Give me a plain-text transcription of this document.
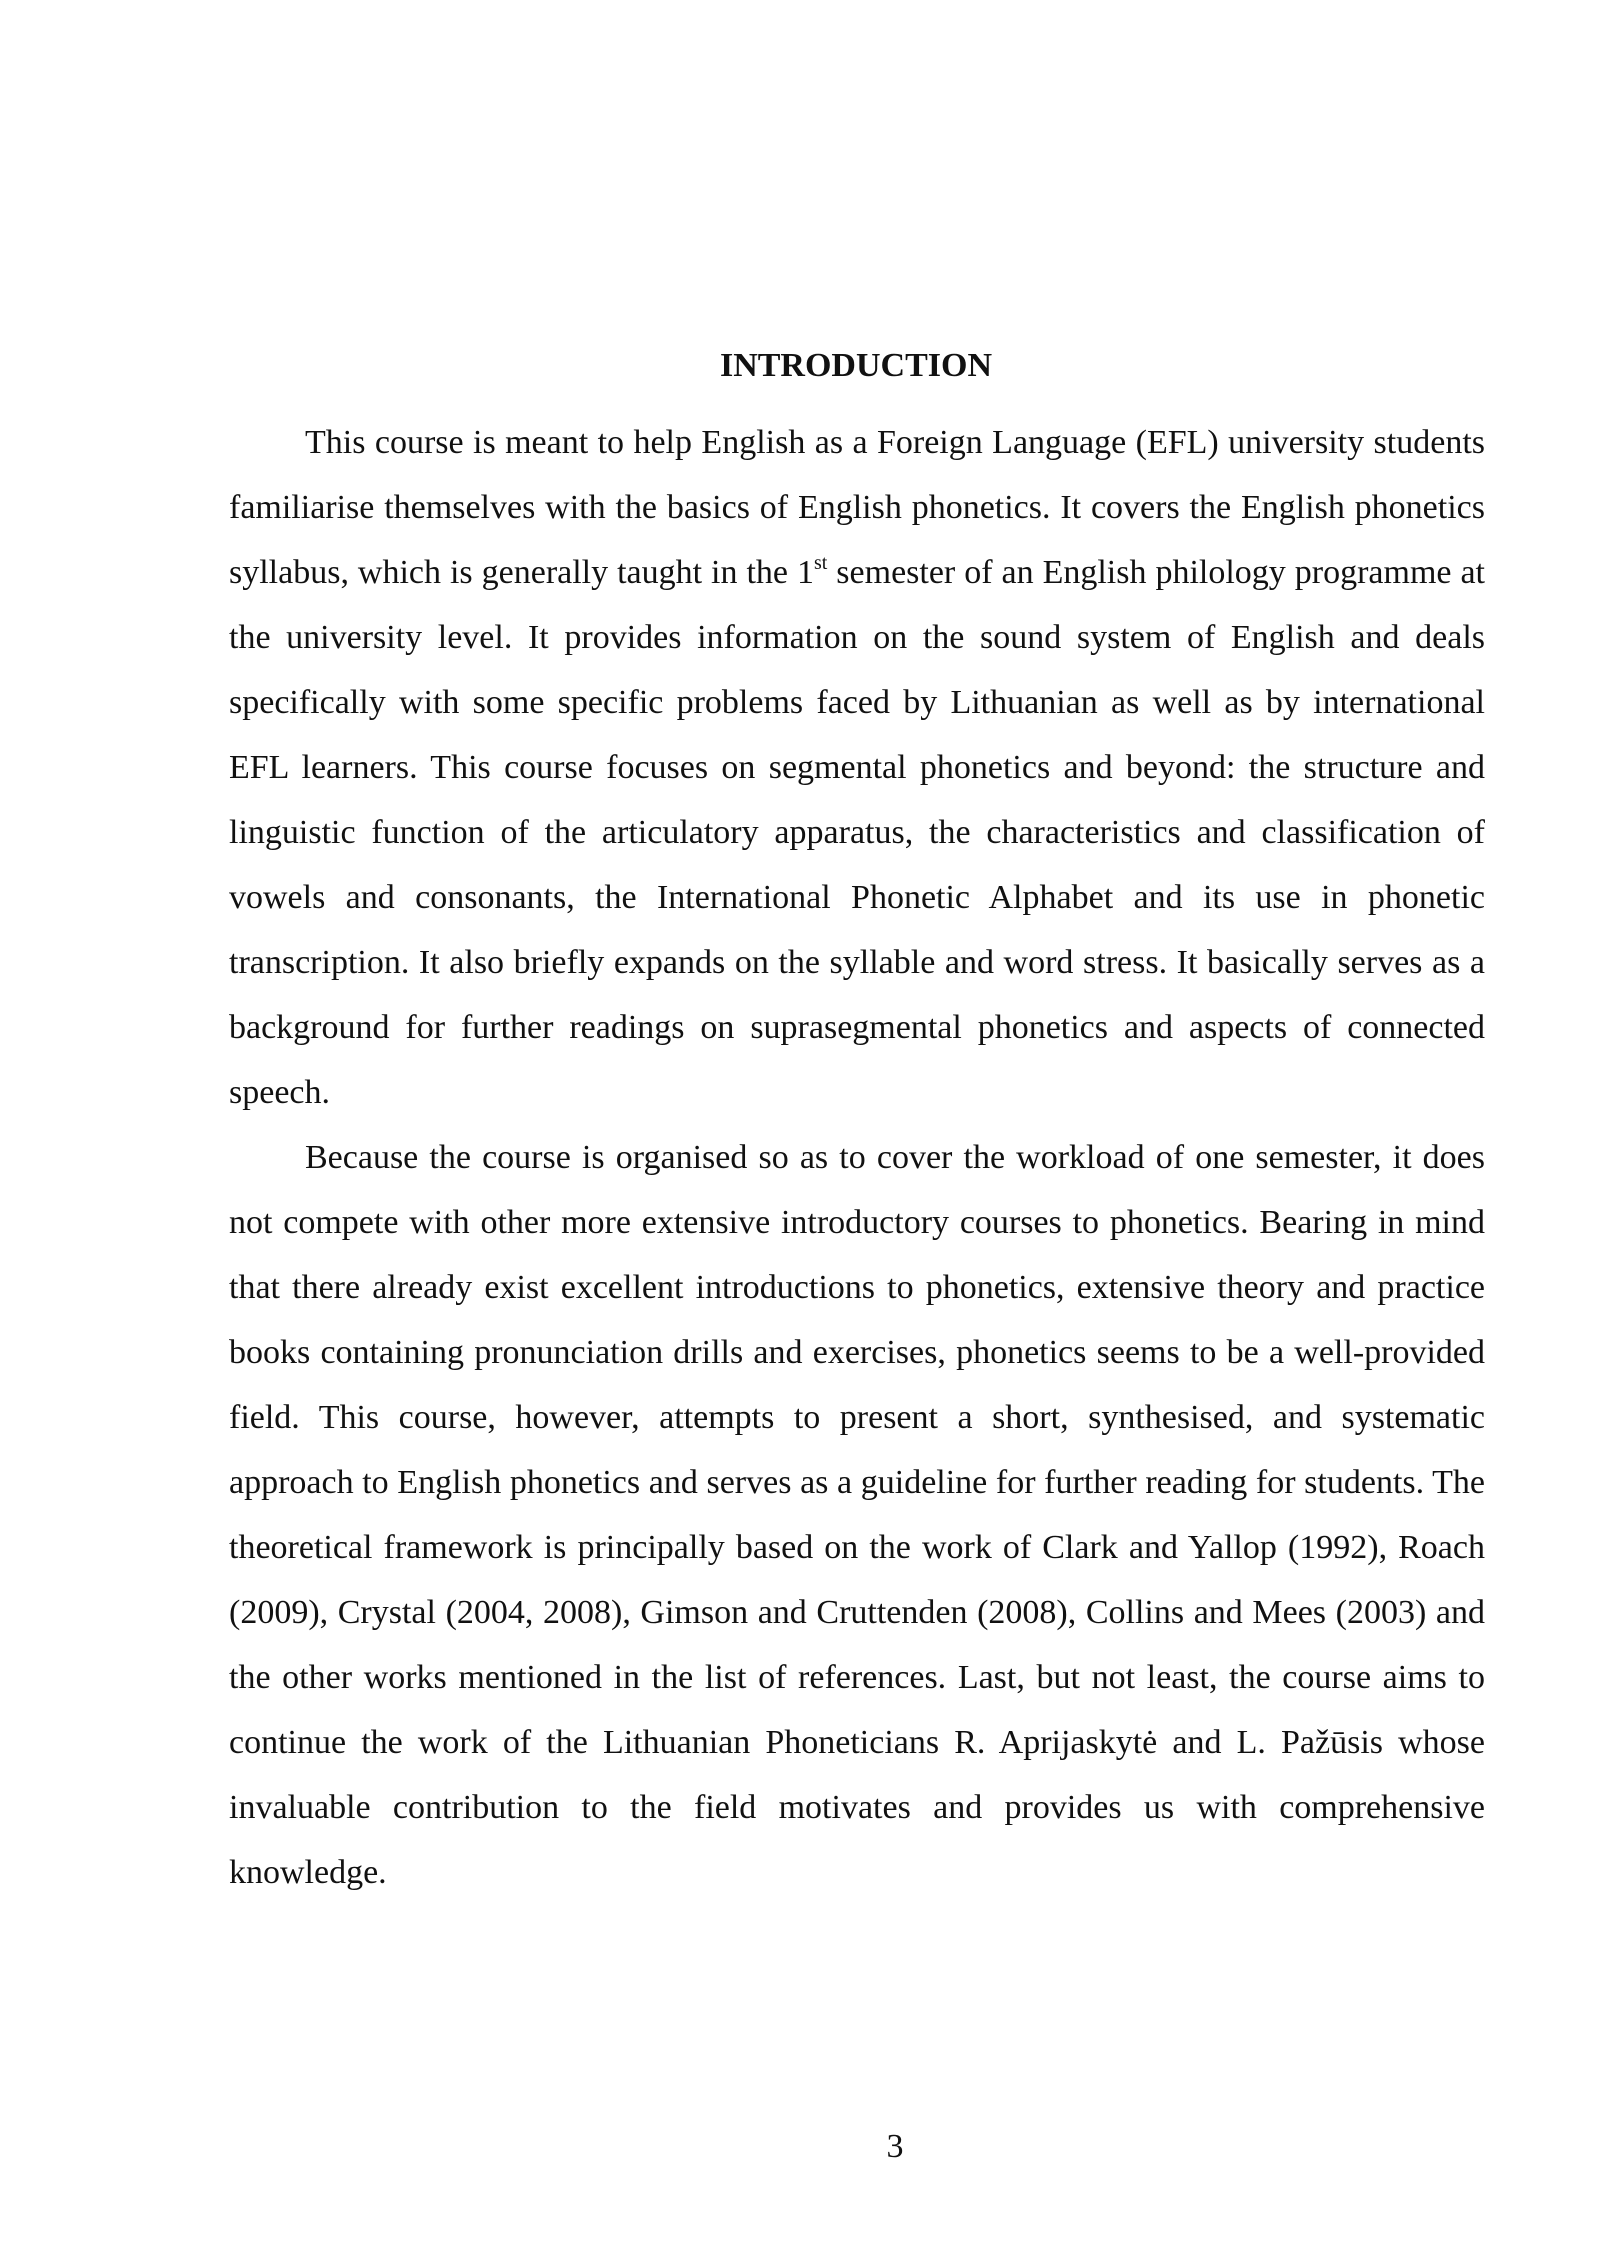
INTRODUCTION

This course is meant to help English as a Foreign Language (EFL) university students familiarise themselves with the basics of English phonetics. It covers the English phonetics syllabus, which is generally taught in the 1st semester of an English philology programme at the university level. It provides information on the sound system of English and deals specifically with some specific problems faced by Lithuanian as well as by international EFL learners. This course focuses on segmental phonetics and beyond: the structure and linguistic function of the articulatory apparatus, the characteristics and classification of vowels and consonants, the International Phonetic Alphabet and its use in phonetic transcription. It also briefly expands on the syllable and word stress. It basically serves as a background for further readings on suprasegmental phonetics and aspects of connected speech.

Because the course is organised so as to cover the workload of one semester, it does not compete with other more extensive introductory courses to phonetics. Bearing in mind that there already exist excellent introductions to phonetics, extensive theory and practice books containing pronunciation drills and exercises, phonetics seems to be a well-provided field. This course, however, attempts to present a short, synthesised, and systematic approach to English phonetics and serves as a guideline for further reading for students. The theoretical framework is principally based on the work of Clark and Yallop (1992), Roach (2009), Crystal (2004, 2008), Gimson and Cruttenden (2008), Collins and Mees (2003) and the other works mentioned in the list of references. Last, but not least, the course aims to continue the work of the Lithuanian Phoneticians R. Aprijaskytė and L. Pažūsis whose invaluable contribution to the field motivates and provides us with comprehensive knowledge.

3
